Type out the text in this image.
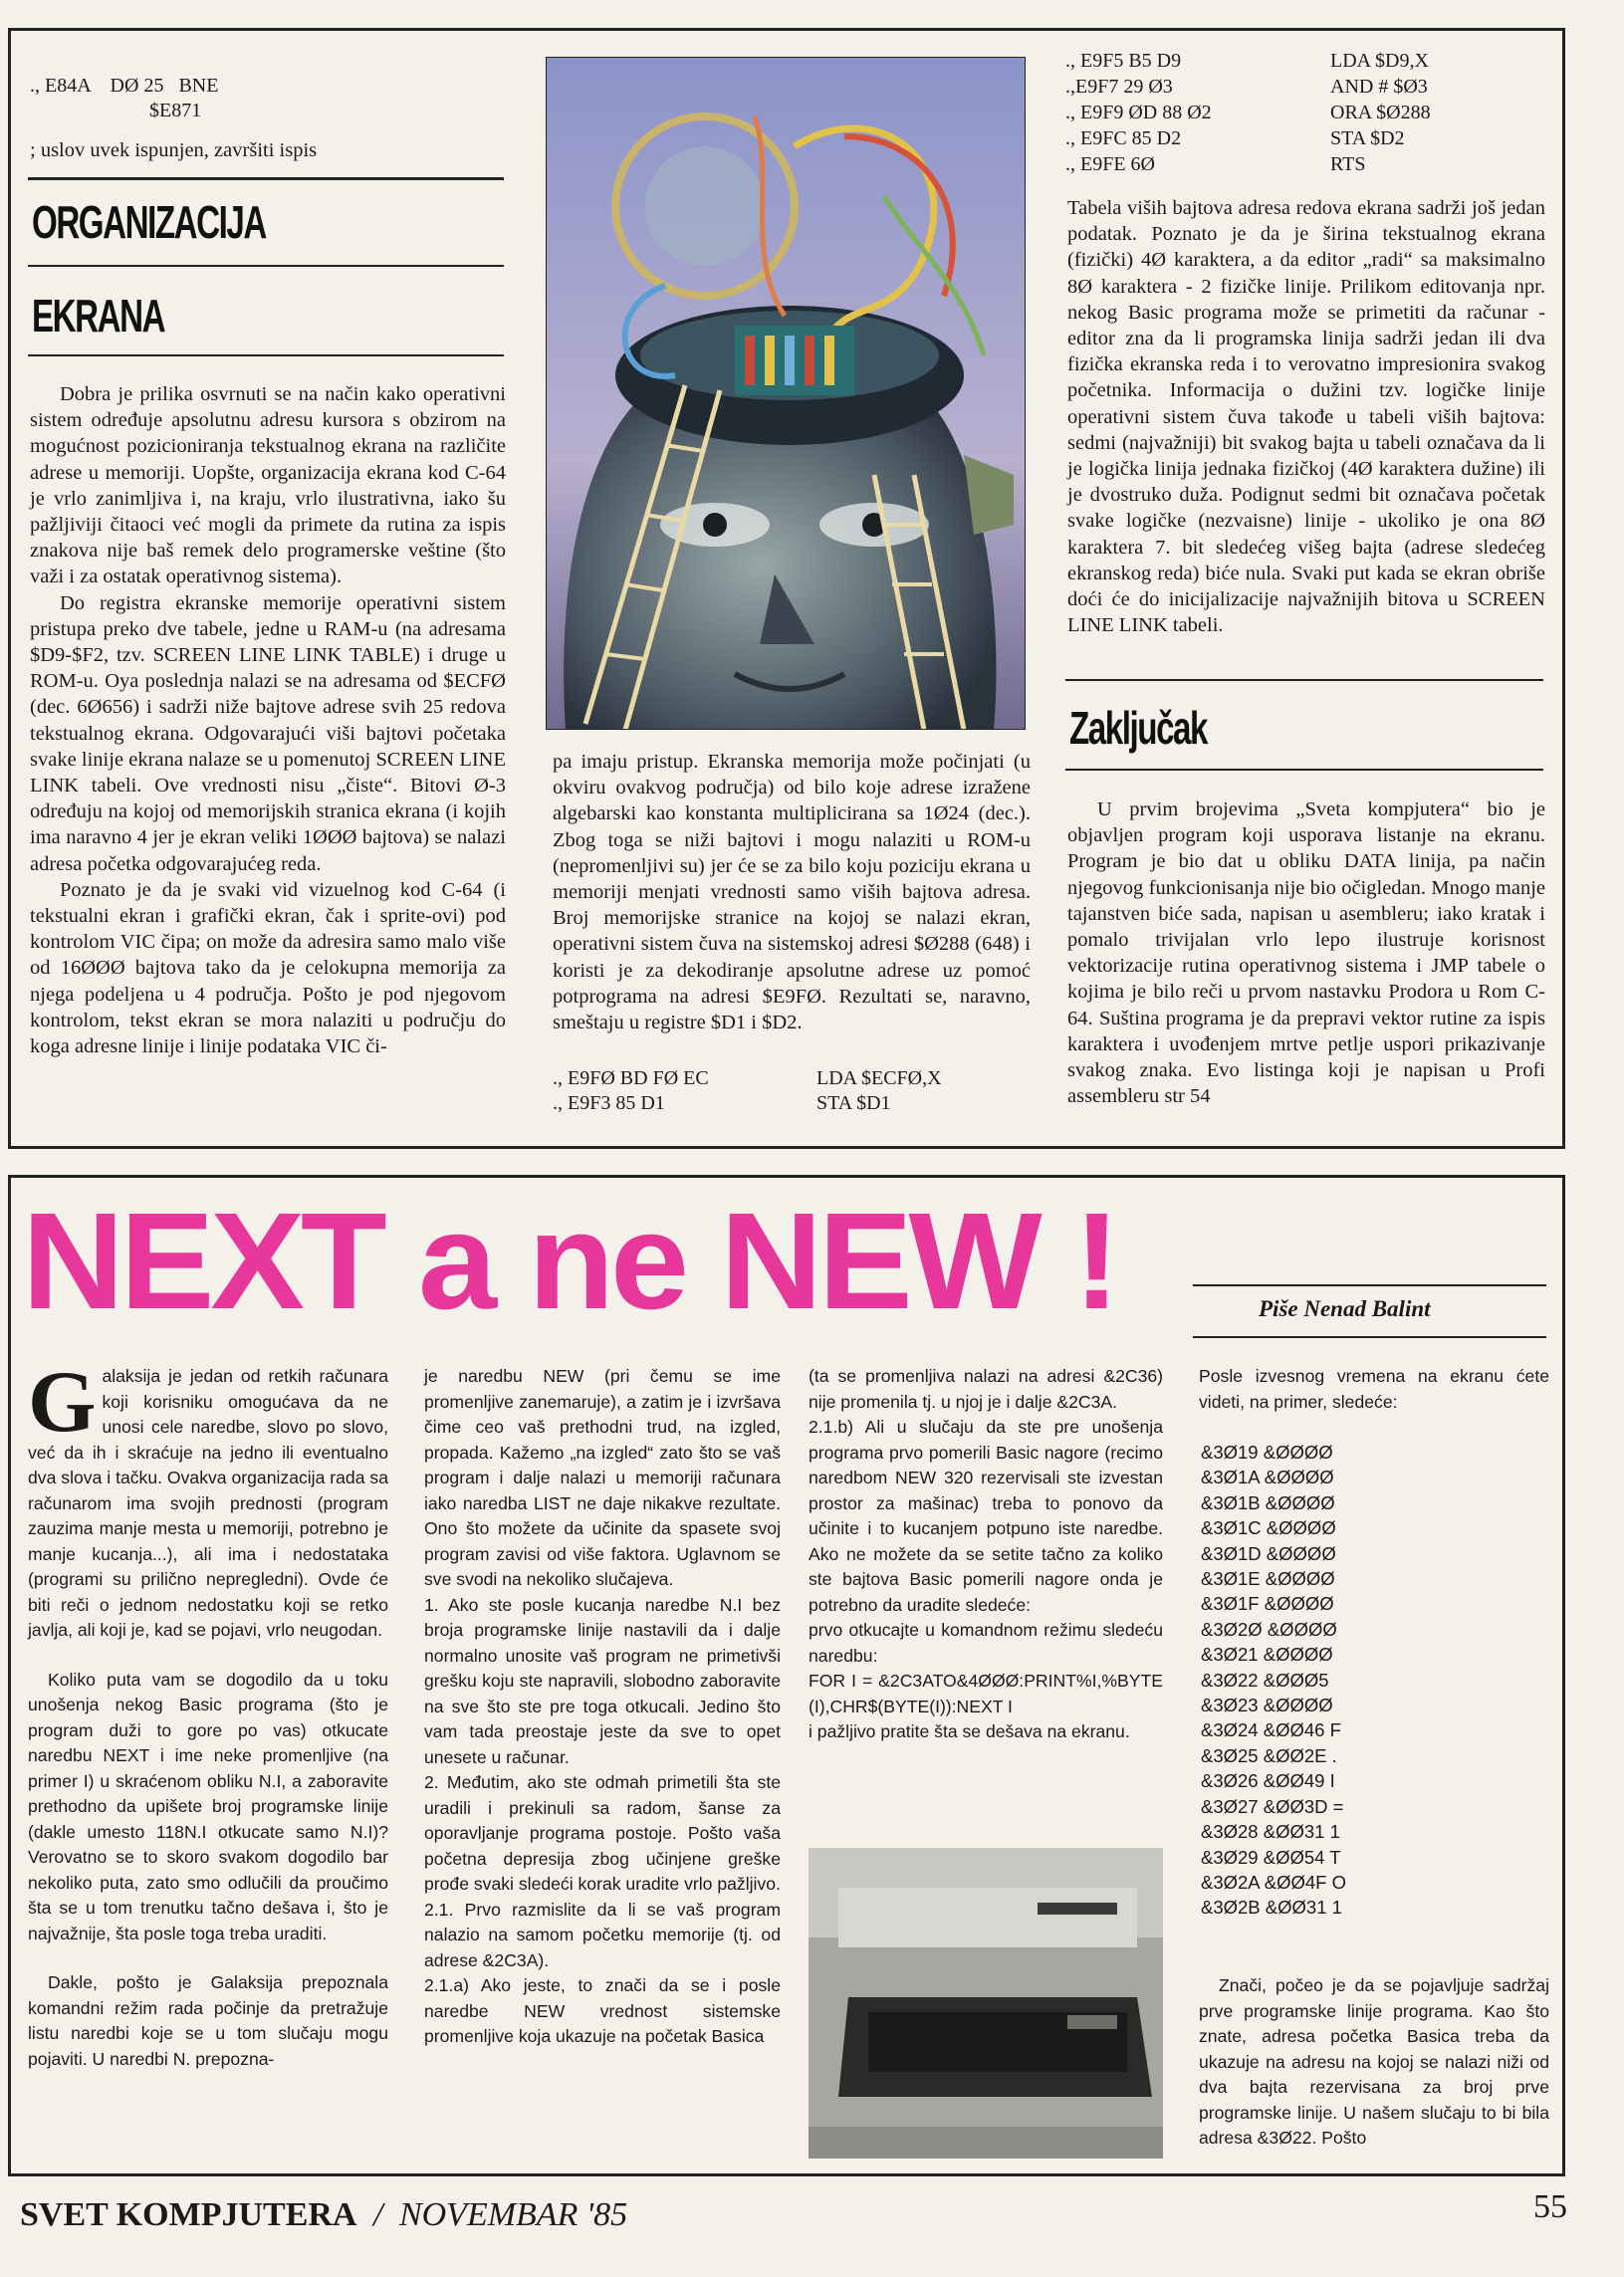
., E84A    DØ 25   BNE
$E871
; uslov uvek ispunjen, završiti ispis
ORGANIZACIJA
EKRANA

Dobra je prilika osvrnuti se na način kako operativni sistem određuje apsolutnu adresu kursora s obzirom na mogućnost pozicioniranja tekstualnog ekrana na različite adrese u memoriji. Uopšte, organizacija ekrana kod C-64 je vrlo zanimljiva i, na kraju, vrlo ilustrativna, iako šu pažljiviji čitaoci već mogli da primete da rutina za ispis znakova nije baš remek delo programerske veštine (što važi i za ostatak operativnog sistema).

Do registra ekranske memorije operativni sistem pristupa preko dve tabele, jedne u RAM-u (na adresama $D9-$F2, tzv. SCREEN LINE LINK TABLE) i druge u ROM-u. Oya poslednja nalazi se na adresama od $ECFØ (dec. 6Ø656) i sadrži niže bajtove adrese svih 25 redova tekstualnog ekrana. Odgovarajući viši bajtovi početaka svake linije ekrana nalaze se u pomenutoj SCREEN LINE LINK tabeli. Ove vrednosti nisu „čiste“. Bitovi Ø-3 određuju na kojoj od memorijskih stranica ekrana (i kojih ima naravno 4 jer je ekran veliki 1ØØØ bajtova) se nalazi adresa početka odgovarajućeg reda.

Poznato je da je svaki vid vizuelnog kod C-64 (i tekstualni ekran i grafički ekran, čak i sprite-ovi) pod kontrolom VIC čipa; on može da adresira samo malo više od 16ØØØ bajtova tako da je celokupna memorija za njega podeljena u 4 područja. Pošto je pod njegovom kontrolom, tekst ekran se mora nalaziti u području do koga adresne linije i linije podataka VIC či-

pa imaju pristup. Ekranska memorija može počinjati (u okviru ovakvog područja) od bilo koje adrese izražene algebarski kao konstanta multiplicirana sa 1Ø24 (dec.). Zbog toga se niži bajtovi i mogu nalaziti u ROM-u (nepromenljivi su) jer će se za bilo koju poziciju ekrana u memoriji menjati vrednosti samo viših bajtova adresa. Broj memorijske stranice na kojoj se nalazi ekran, operativni sistem čuva na sistemskoj adresi $Ø288 (648) i koristi je za dekodiranje apsolutne adrese uz pomoć potprograma na adresi $E9FØ. Rezultati se, naravno, smeštaju u registre $D1 i $D2.
., E9FØ BD FØ EC
., E9F3 85 D1
LDA $ECFØ,X
STA $D1
., E9F5 B5 D9
.,E9F7 29 Ø3
., E9F9 ØD 88 Ø2
., E9FC 85 D2
., E9FE 6Ø
LDA $D9,X
AND # $Ø3
ORA $Ø288
STA $D2
RTS
Tabela viših bajtova adresa redova ekrana sadrži još jedan podatak. Poznato je da je širina tekstualnog ekrana (fizički) 4Ø karaktera, a da editor „radi“ sa maksimalno 8Ø karaktera - 2 fizičke linije. Prilikom editovanja npr. nekog Basic programa može se primetiti da računar - editor zna da li programska linija sadrži jedan ili dva fizička ekranska reda i to verovatno impresionira svakog početnika. Informacija o dužini tzv. logičke linije operativni sistem čuva takođe u tabeli viših bajtova: sedmi (najvažniji) bit svakog bajta u tabeli označava da li je logička linija jednaka fizičkoj (4Ø karaktera dužine) ili je dvostruko duža. Podignut sedmi bit označava početak svake logičke (nezvaisne) linije - ukoliko je ona 8Ø karaktera 7. bit sledećeg višeg bajta (adrese sledećeg ekranskog reda) biće nula. Svaki put kada se ekran obriše doći će do inicijalizacije najvažnijih bitova u SCREEN LINE LINK tabeli.
Zaključak
U prvim brojevima „Sveta kompjutera“ bio je objavljen program koji usporava listanje na ekranu. Program je bio dat u obliku DATA linija, pa način njegovog funkcionisanja nije bio očigledan. Mnogo manje tajanstven biće sada, napisan u asembleru; iako kratak i pomalo trivijalan vrlo lepo ilustruje korisnost vektorizacije rutina operativnog sistema i JMP tabele o kojima je bilo reči u prvom nastavku Prodora u Rom C-64. Suština programa je da prepravi vektor rutine za ispis karaktera i uvođenjem mrtve petlje uspori prikazivanje svakog znaka. Evo listinga koji je napisan u Profi assembleru str 54
NEXT a ne NEW !	Piše Nenad Balint

Galaksija je jedan od retkih računara koji korisniku omogućava da ne unosi cele naredbe, slovo po slovo, već da ih i skraćuje na jedno ili eventualno dva slova i tačku. Ovakva organizacija rada sa računarom ima svojih prednosti (program zauzima manje mesta u memoriji, potrebno je manje kucanja...), ali ima i nedostataka (programi su prilično nepregledni). Ovde će biti reči o jednom nedostatku koji se retko javlja, ali koji je, kad se pojavi, vrlo neugodan.

Koliko puta vam se dogodilo da u toku unošenja nekog Basic programa (što je program duži to gore po vas) otkucate naredbu NEXT i ime neke promenljive (na primer I) u skraćenom obliku N.I, a zaboravite prethodno da upišete broj programske linije (dakle umesto 118N.I otkucate samo N.I)? Verovatno se to skoro svakom dogodilo bar nekoliko puta, zato smo odlučili da proučimo šta se u tom trenutku tačno dešava i, što je najvažnije, šta posle toga treba uraditi.

Dakle, pošto je Galaksija prepoznala komandni režim rada počinje da pretražuje listu naredbi koje se u tom slučaju mogu pojaviti. U naredbi N. prepozna-

je naredbu NEW (pri čemu se ime promenljive zanemaruje), a zatim je i izvršava čime ceo vaš prethodni trud, na izgled, propada. Kažemo „na izgled“ zato što se vaš program i dalje nalazi u memoriji računara iako naredba LIST ne daje nikakve rezultate. Ono što možete da učinite da spasete svoj program zavisi od više faktora. Uglavnom se sve svodi na nekoliko slučajeva.
1. Ako ste posle kucanja naredbe N.I bez broja programske linije nastavili da i dalje normalno unosite vaš program ne primetivši grešku koju ste napravili, slobodno zaboravite na sve što ste pre toga otkucali. Jedino što vam tada preostaje jeste da sve to opet unesete u računar.
2. Međutim, ako ste odmah primetili šta ste uradili i prekinuli sa radom, šanse za oporavljanje programa postoje. Pošto vaša početna depresija zbog učinjene greške prođe svaki sledeći korak uradite vrlo pažljivo.
2.1. Prvo razmislite da li se vaš program nalazio na samom početku memorije (tj. od adrese &2C3A).
2.1.a) Ako jeste, to znači da se i posle naredbe NEW vrednost sistemske promenljive koja ukazuje na početak Basica
(ta se promenljiva nalazi na adresi &2C36) nije promenila tj. u njoj je i dalje &2C3A.
2.1.b) Ali u slučaju da ste pre unošenja programa prvo pomerili Basic nagore (recimo naredbom NEW 320 rezervisali ste izvestan prostor za mašinac) treba to ponovo da učinite i to kucanjem potpuno iste naredbe. Ako ne možete da se setite tačno za koliko ste bajtova Basic pomerili nagore onda je potrebno da uradite sledeće:
prvo otkucajte u komandnom režimu sledeću naredbu:
FOR I = &2C3ATO&4ØØØ:PRINT%I,%BYTE (I),CHR$(BYTE(I)):NEXT I
i pažljivo pratite šta se dešava na ekranu.
Posle izvesnog vremena na ekranu ćete videti, na primer, sledeće:
&3Ø19 &ØØØØ
&3Ø1A &ØØØØ
&3Ø1B &ØØØØ
&3Ø1C &ØØØØ
&3Ø1D &ØØØØ
&3Ø1E &ØØØØ
&3Ø1F &ØØØØ
&3Ø2Ø &ØØØØ
&3Ø21 &ØØØØ
&3Ø22 &ØØØ5
&3Ø23 &ØØØØ
&3Ø24 &ØØ46 F
&3Ø25 &ØØ2E .
&3Ø26 &ØØ49 I
&3Ø27 &ØØ3D =
&3Ø28 &ØØ31 1
&3Ø29 &ØØ54 T
&3Ø2A &ØØ4F O
&3Ø2B &ØØ31 1
Znači, počeo je da se pojavljuje sadržaj prve programske linije programa. Kao što znate, adresa početka Basica treba da ukazuje na adresu na kojoj se nalazi niži od dva bajta rezervisana za broj prve programske linije. U našem slučaju to bi bila adresa &3Ø22. Pošto
SVET KOMPJUTERA / NOVEMBAR '85	55
